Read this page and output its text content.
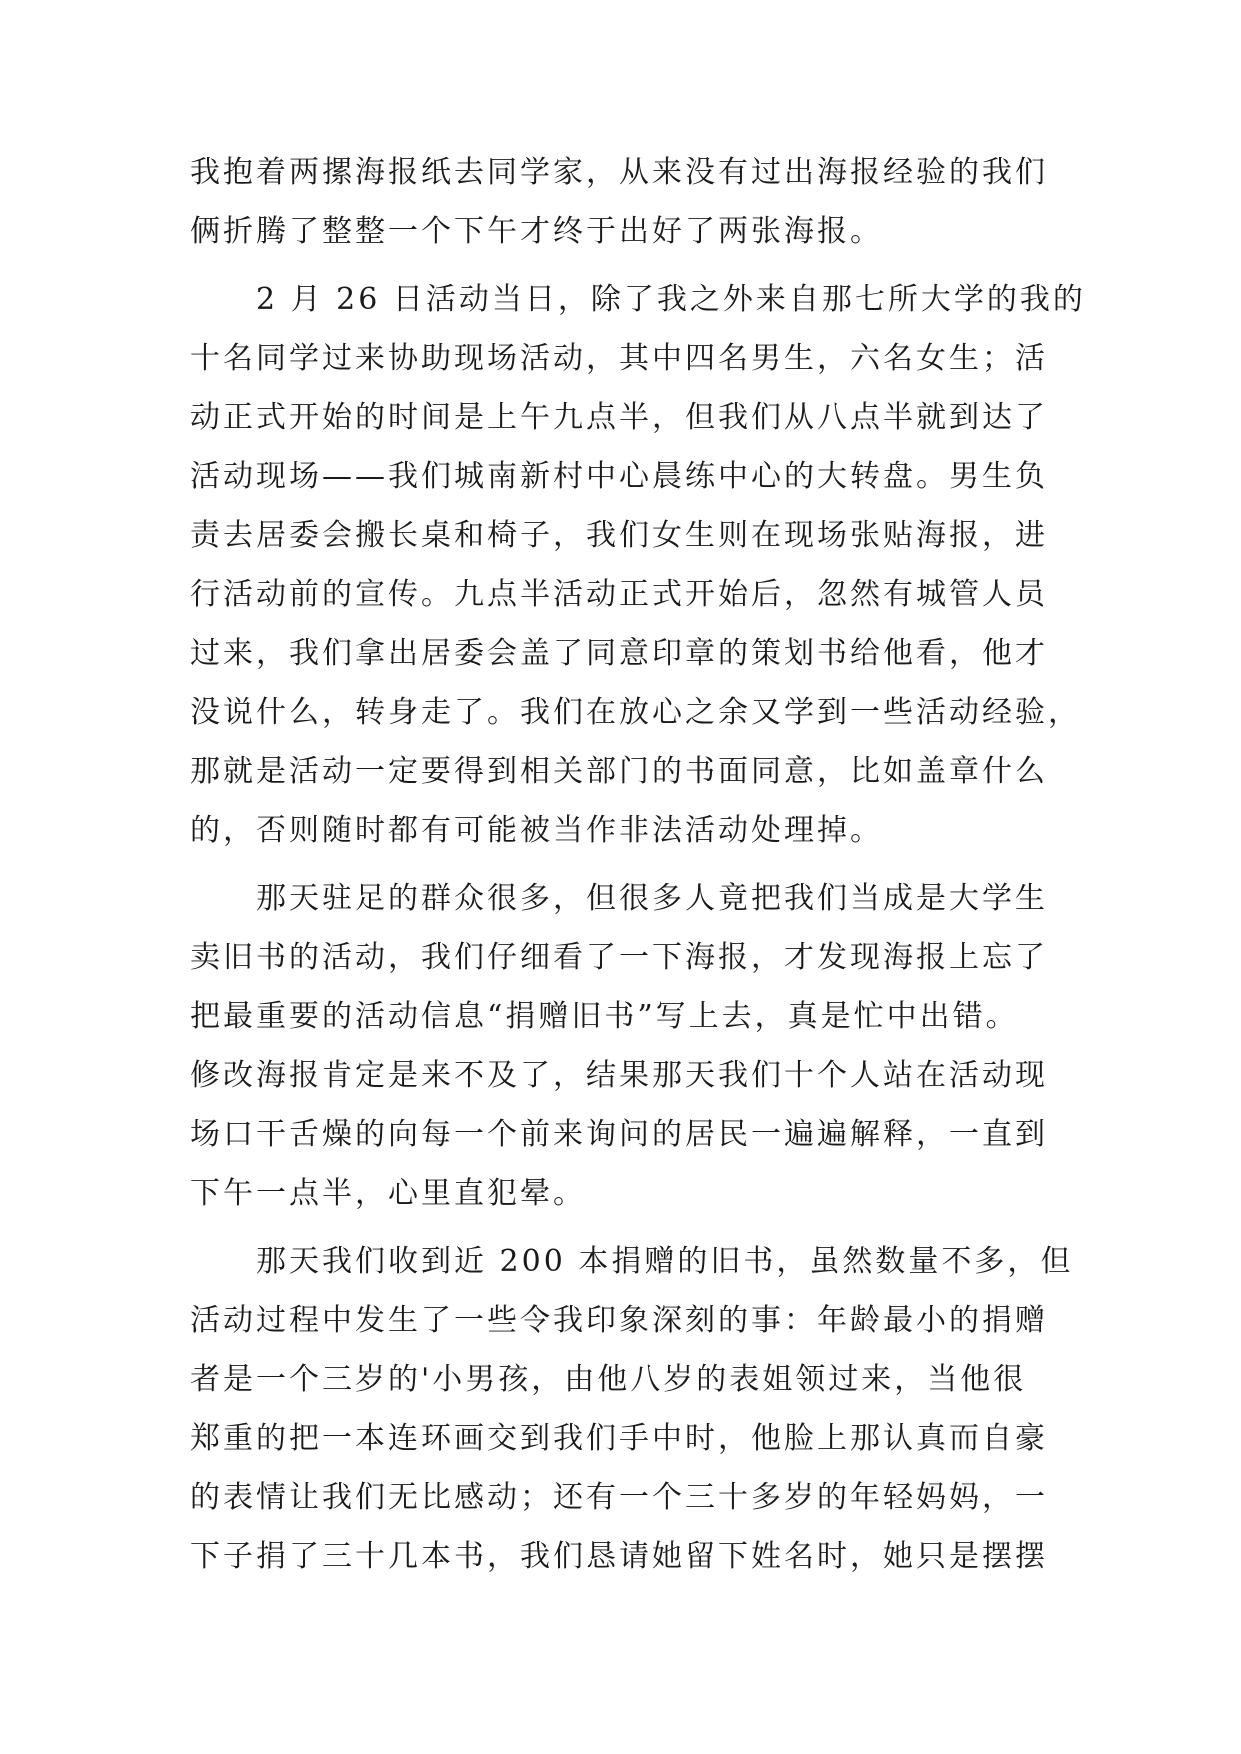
我抱着两摞海报纸去同学家，从来没有过出海报经验的我们

俩折腾了整整一个下午才终于出好了两张海报。

　　2 月 26 日活动当日，除了我之外来自那七所大学的我的

十名同学过来协助现场活动，其中四名男生，六名女生；活

动正式开始的时间是上午九点半，但我们从八点半就到达了

活动现场——我们城南新村中心晨练中心的大转盘。男生负

责去居委会搬长桌和椅子，我们女生则在现场张贴海报，进

行活动前的宣传。九点半活动正式开始后，忽然有城管人员

过来，我们拿出居委会盖了同意印章的策划书给他看，他才

没说什么，转身走了。我们在放心之余又学到一些活动经验，

那就是活动一定要得到相关部门的书面同意，比如盖章什么

的，否则随时都有可能被当作非法活动处理掉。

　　那天驻足的群众很多，但很多人竟把我们当成是大学生

卖旧书的活动，我们仔细看了一下海报，才发现海报上忘了

把最重要的活动信息“捐赠旧书”写上去，真是忙中出错。

修改海报肯定是来不及了，结果那天我们十个人站在活动现

场口干舌燥的向每一个前来询问的居民一遍遍解释，一直到

下午一点半，心里直犯晕。

　　那天我们收到近 200 本捐赠的旧书，虽然数量不多，但

活动过程中发生了一些令我印象深刻的事：年龄最小的捐赠

者是一个三岁的'小男孩，由他八岁的表姐领过来，当他很

郑重的把一本连环画交到我们手中时，他脸上那认真而自豪

的表情让我们无比感动；还有一个三十多岁的年轻妈妈，一

下子捐了三十几本书，我们恳请她留下姓名时，她只是摆摆
